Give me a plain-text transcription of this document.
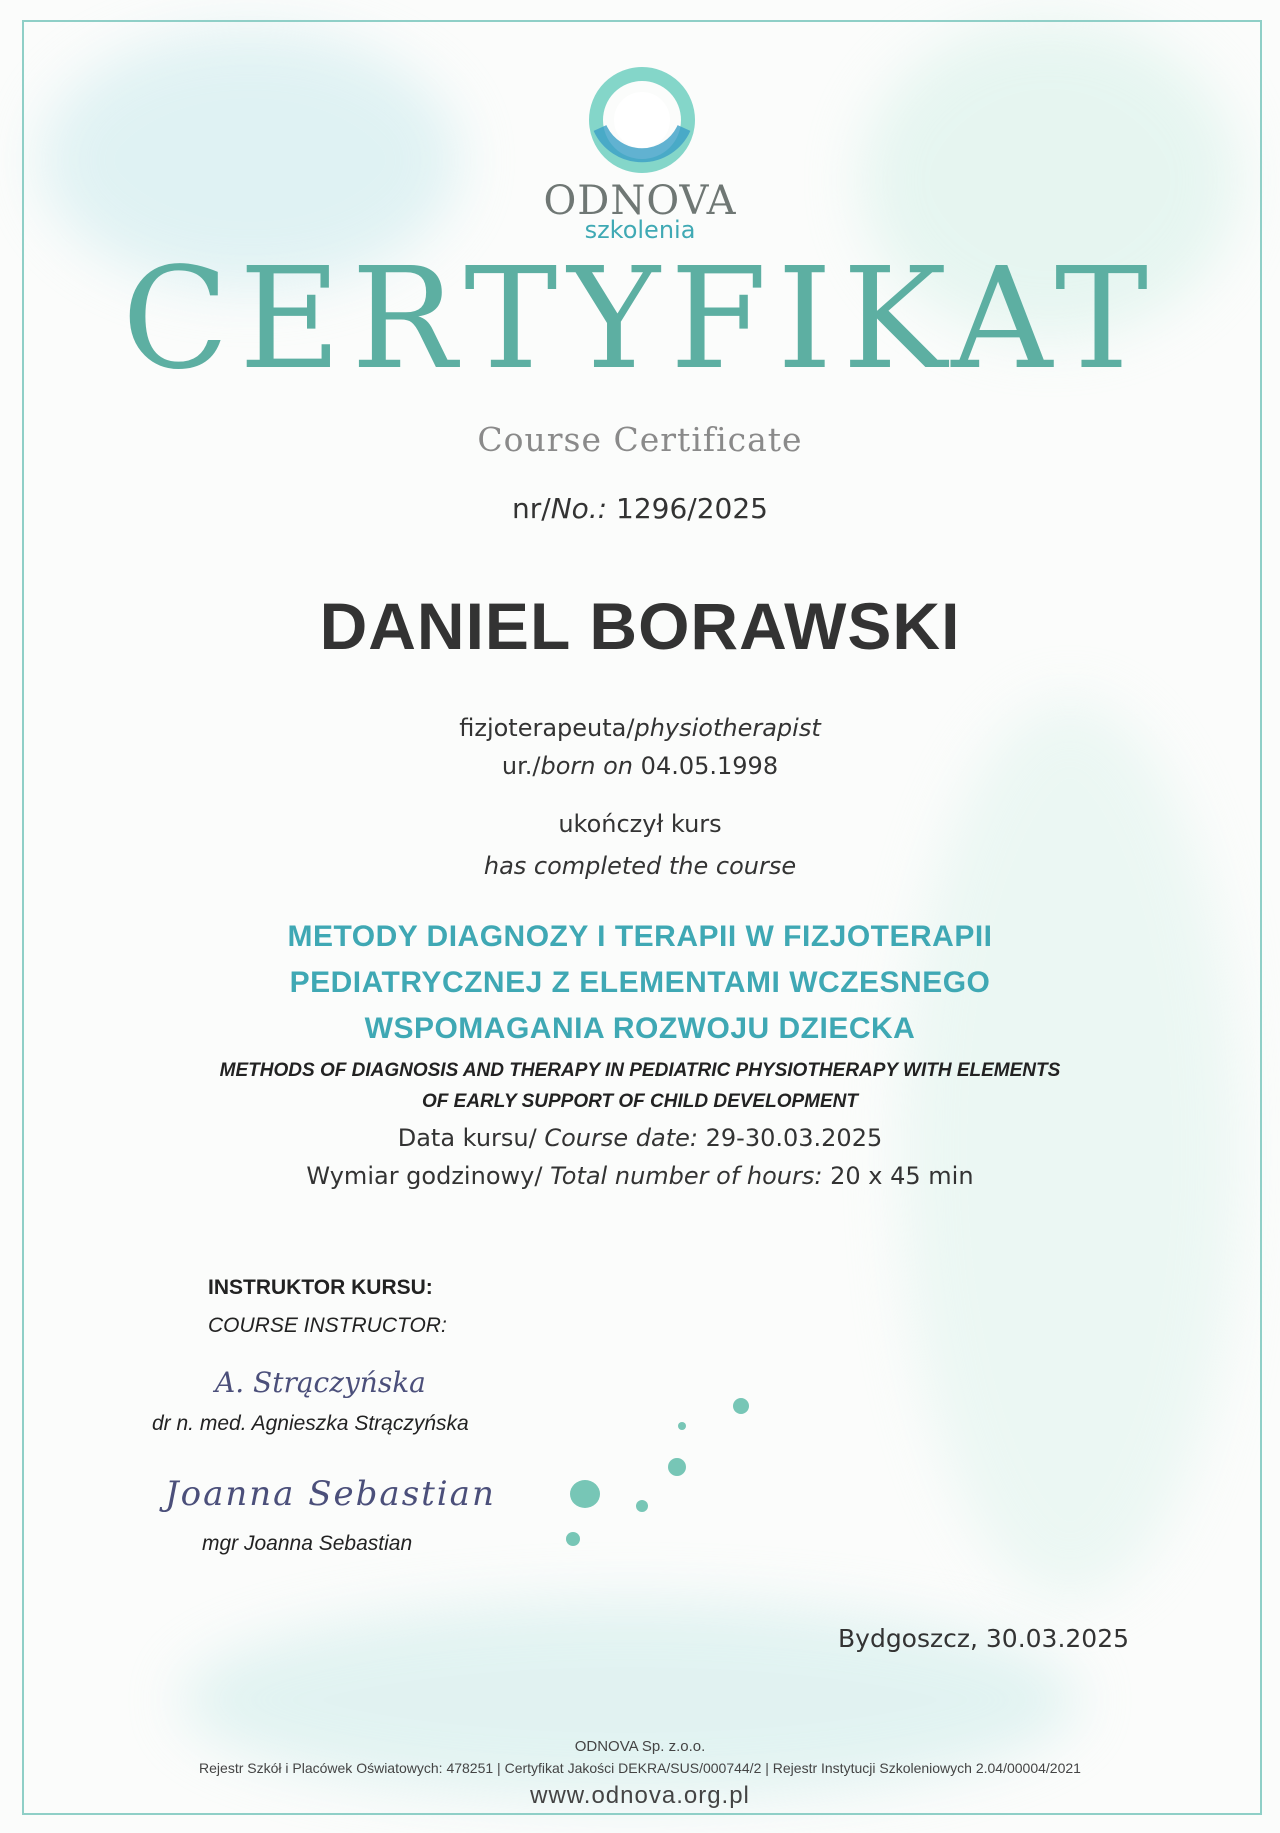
ODNOVA
szkolenia
CERTYFIKAT
Course Certificate
nr/No.: 1296/2025
DANIEL BORAWSKI
fizjoterapeuta/physiotherapist
ur./born on 04.05.1998
ukończył kurs
has completed the course
METODY DIAGNOZY I TERAPII W FIZJOTERAPII
PEDIATRYCZNEJ Z ELEMENTAMI WCZESNEGO
WSPOMAGANIA ROZWOJU DZIECKA
METHODS OF DIAGNOSIS AND THERAPY IN PEDIATRIC PHYSIOTHERAPY WITH ELEMENTS
OF EARLY SUPPORT OF CHILD DEVELOPMENT
Data kursu/ Course date: 29-30.03.2025
Wymiar godzinowy/ Total number of hours: 20 x 45 min
INSTRUKTOR KURSU:
COURSE INSTRUCTOR:
A. Strączyńska
dr n. med. Agnieszka Strączyńska
Joanna Sebastian
mgr Joanna Sebastian
Bydgoszcz, 30.03.2025
ODNOVA Sp. z.o.o.
Rejestr Szkół i Placówek Oświatowych: 478251 | Certyfikat Jakości DEKRA/SUS/000744/2 | Rejestr Instytucji Szkoleniowych 2.04/00004/2021
www.odnova.org.pl
